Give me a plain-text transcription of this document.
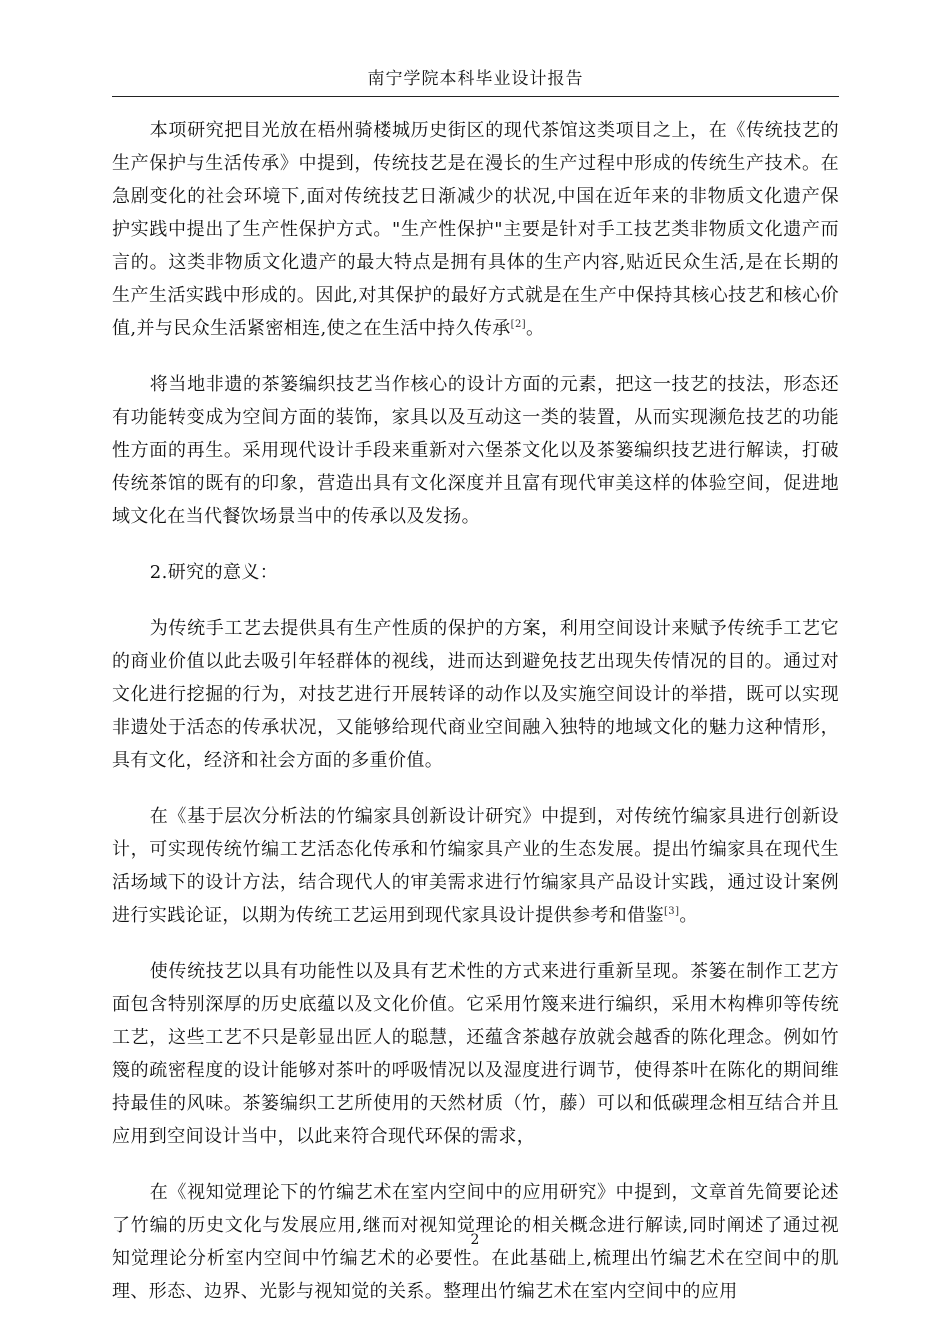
南宁学院本科毕业设计报告

本项研究把目光放在梧州骑楼城历史街区的现代茶馆这类项目之上，在《传统技艺的生产保护与生活传承》中提到，传统技艺是在漫长的生产过程中形成的传统生产技术。在急剧变化的社会环境下,面对传统技艺日渐减少的状况,中国在近年来的非物质文化遗产保护实践中提出了生产性保护方式。"生产性保护"主要是针对手工技艺类非物质文化遗产而言的。这类非物质文化遗产的最大特点是拥有具体的生产内容,贴近民众生活,是在长期的生产生活实践中形成的。因此,对其保护的最好方式就是在生产中保持其核心技艺和核心价值,并与民众生活紧密相连,使之在生活中持久传承[2]。

将当地非遗的茶篓编织技艺当作核心的设计方面的元素，把这一技艺的技法，形态还有功能转变成为空间方面的装饰，家具以及互动这一类的装置，从而实现濒危技艺的功能性方面的再生。采用现代设计手段来重新对六堡茶文化以及茶篓编织技艺进行解读，打破传统茶馆的既有的印象，营造出具有文化深度并且富有现代审美这样的体验空间，促进地域文化在当代餐饮场景当中的传承以及发扬。

2.研究的意义：

为传统手工艺去提供具有生产性质的保护的方案，利用空间设计来赋予传统手工艺它的商业价值以此去吸引年轻群体的视线，进而达到避免技艺出现失传情况的目的。通过对文化进行挖掘的行为，对技艺进行开展转译的动作以及实施空间设计的举措，既可以实现非遗处于活态的传承状况，又能够给现代商业空间融入独特的地域文化的魅力这种情形，具有文化，经济和社会方面的多重价值。

在《基于层次分析法的竹编家具创新设计研究》中提到，对传统竹编家具进行创新设计，可实现传统竹编工艺活态化传承和竹编家具产业的生态发展。提出竹编家具在现代生活场域下的设计方法，结合现代人的审美需求进行竹编家具产品设计实践，通过设计案例进行实践论证，以期为传统工艺运用到现代家具设计提供参考和借鉴[3]。

使传统技艺以具有功能性以及具有艺术性的方式来进行重新呈现。茶篓在制作工艺方面包含特别深厚的历史底蕴以及文化价值。它采用竹篾来进行编织，采用木构榫卯等传统工艺，这些工艺不只是彰显出匠人的聪慧，还蕴含茶越存放就会越香的陈化理念。例如竹篾的疏密程度的设计能够对茶叶的呼吸情况以及湿度进行调节，使得茶叶在陈化的期间维持最佳的风味。茶篓编织工艺所使用的天然材质（竹，藤）可以和低碳理念相互结合并且应用到空间设计当中，以此来符合现代环保的需求，

在《视知觉理论下的竹编艺术在室内空间中的应用研究》中提到，文章首先简要论述了竹编的历史文化与发展应用,继而对视知觉理论的相关概念进行解读,同时阐述了通过视知觉理论分析室内空间中竹编艺术的必要性。在此基础上,梳理出竹编艺术在空间中的肌理、形态、边界、光影与视知觉的关系。整理出竹编艺术在室内空间中的应用

2
